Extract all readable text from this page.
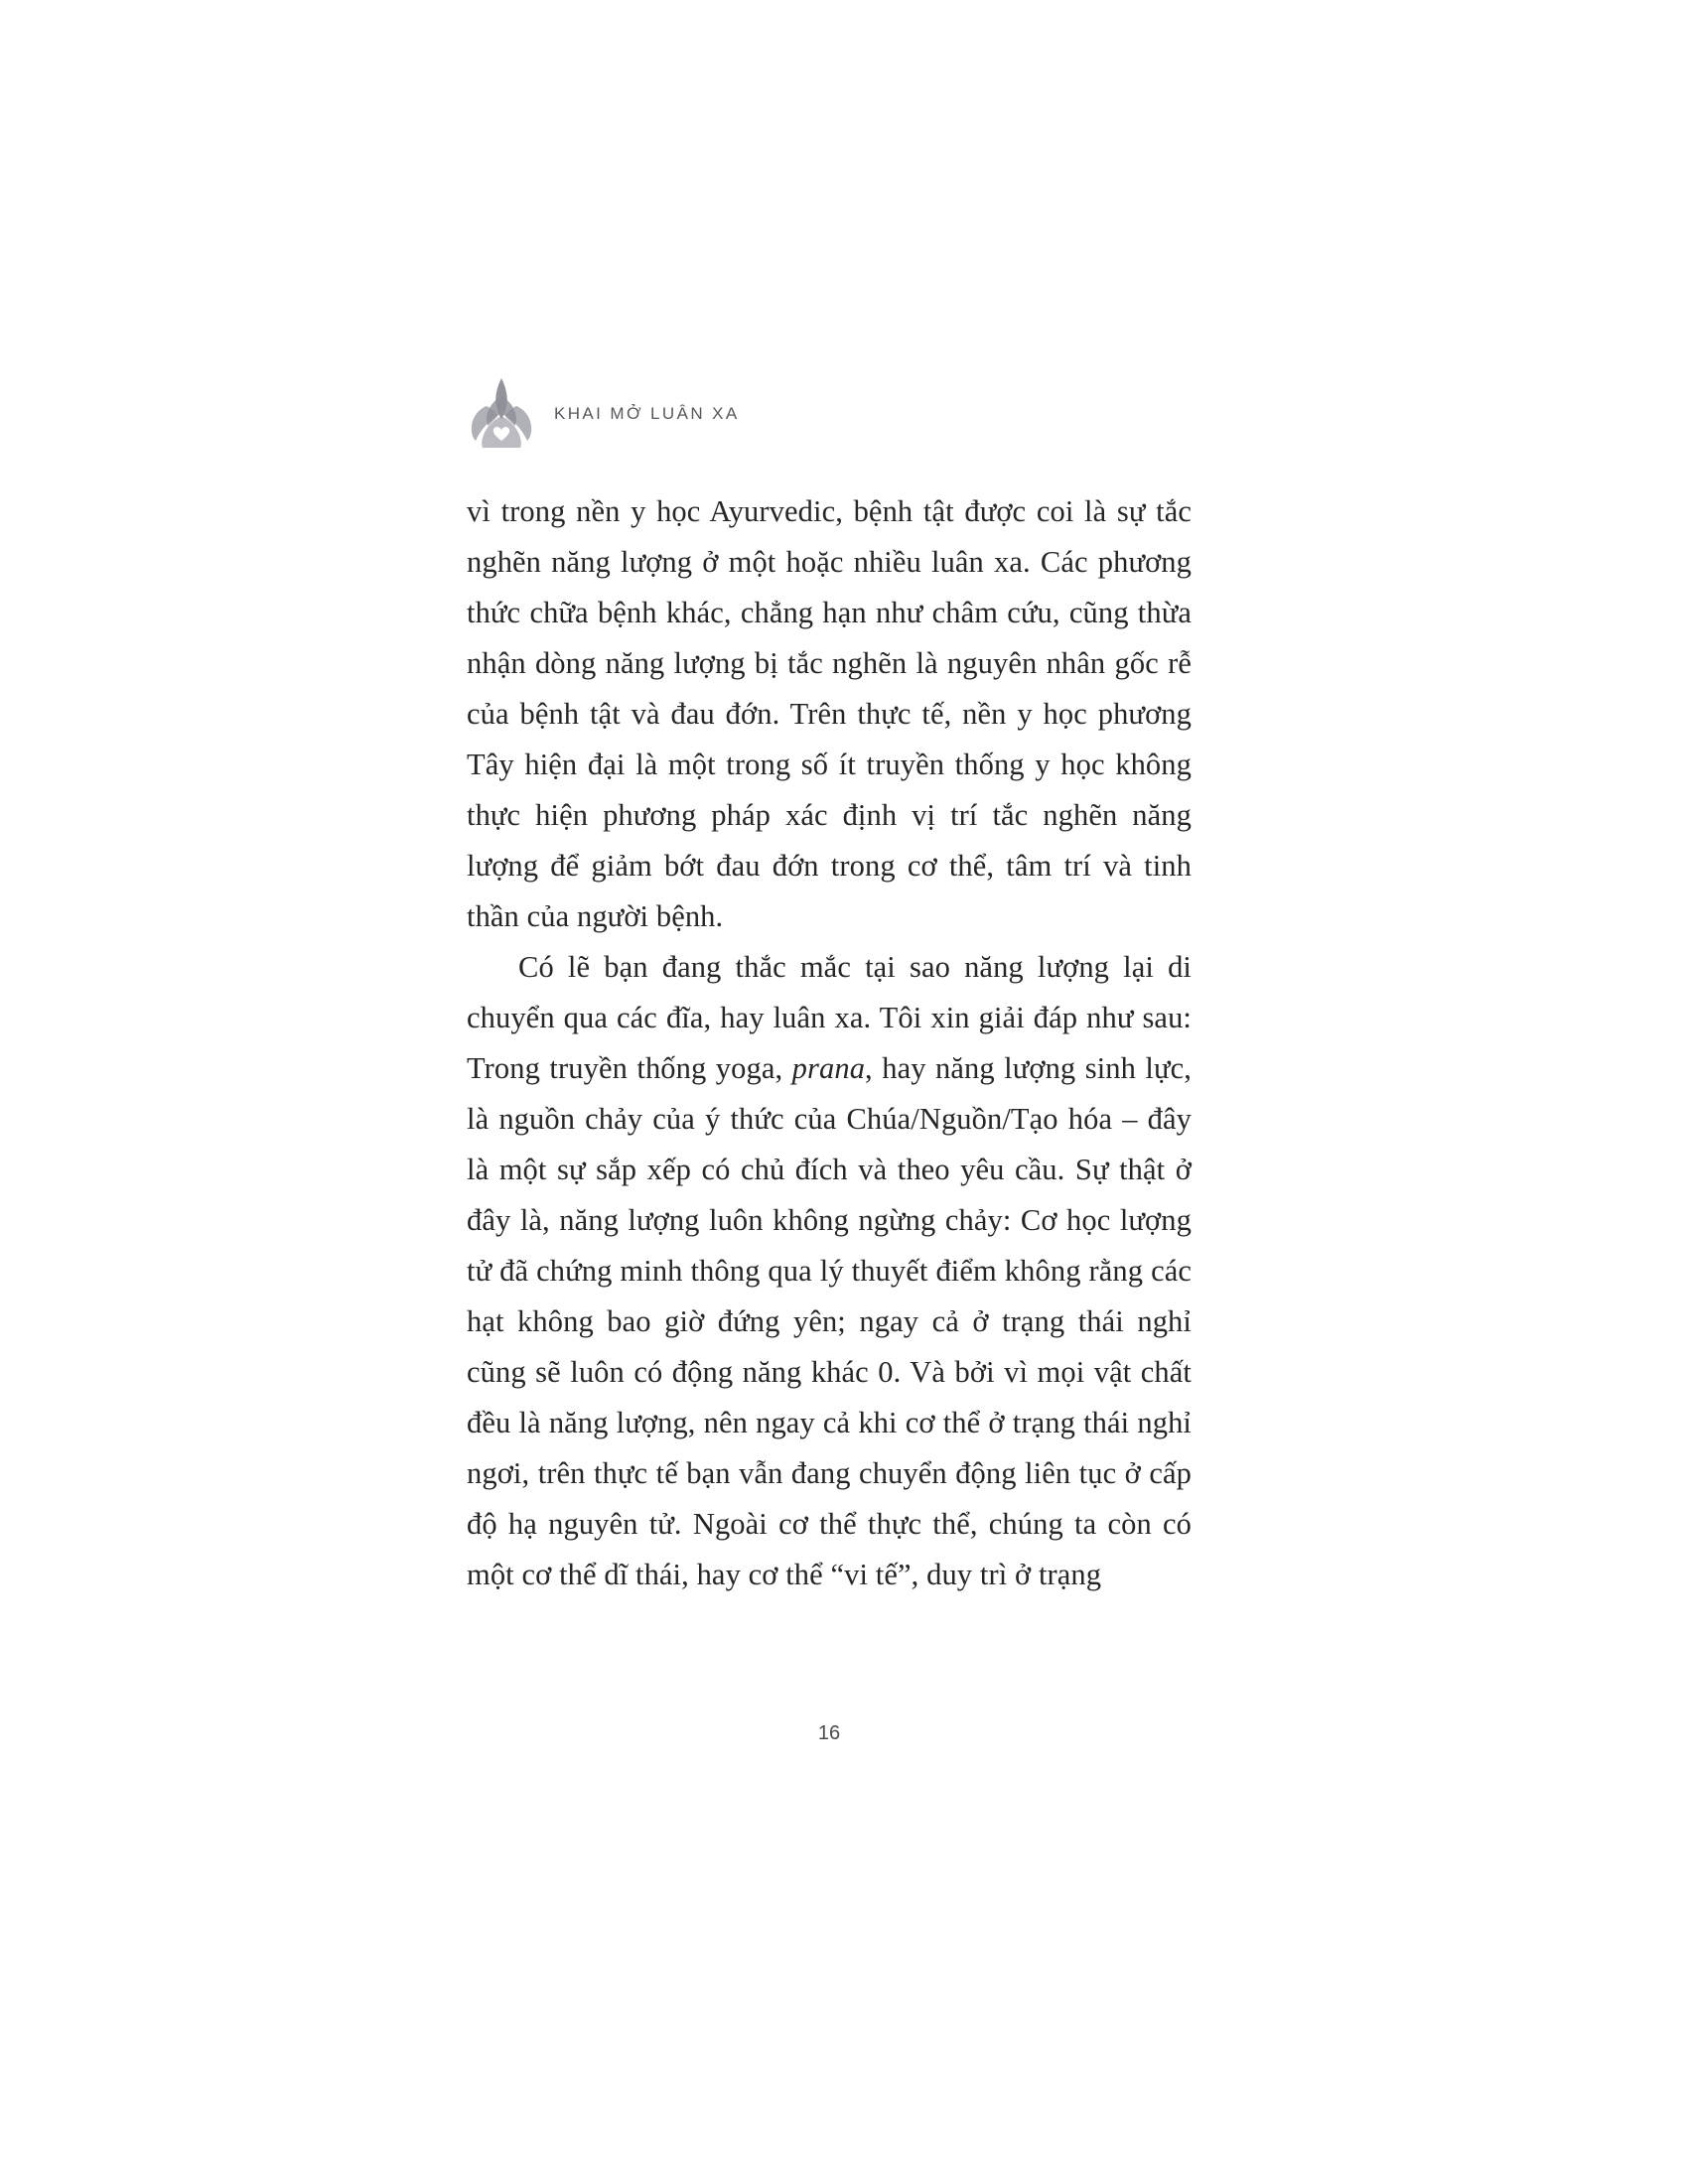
KHAI MỞ LUÂN XA

vì trong nền y học Ayurvedic, bệnh tật được coi là sự tắc nghẽn năng lượng ở một hoặc nhiều luân xa. Các phương thức chữa bệnh khác, chẳng hạn như châm cứu, cũng thừa nhận dòng năng lượng bị tắc nghẽn là nguyên nhân gốc rễ của bệnh tật và đau đớn. Trên thực tế, nền y học phương Tây hiện đại là một trong số ít truyền thống y học không thực hiện phương pháp xác định vị trí tắc nghẽn năng lượng để giảm bớt đau đớn trong cơ thể, tâm trí và tinh thần của người bệnh.

Có lẽ bạn đang thắc mắc tại sao năng lượng lại di chuyển qua các đĩa, hay luân xa. Tôi xin giải đáp như sau: Trong truyền thống yoga, prana, hay năng lượng sinh lực, là nguồn chảy của ý thức của Chúa/Nguồn/Tạo hóa – đây là một sự sắp xếp có chủ đích và theo yêu cầu. Sự thật ở đây là, năng lượng luôn không ngừng chảy: Cơ học lượng tử đã chứng minh thông qua lý thuyết điểm không rằng các hạt không bao giờ đứng yên; ngay cả ở trạng thái nghỉ cũng sẽ luôn có động năng khác 0. Và bởi vì mọi vật chất đều là năng lượng, nên ngay cả khi cơ thể ở trạng thái nghỉ ngơi, trên thực tế bạn vẫn đang chuyển động liên tục ở cấp độ hạ nguyên tử. Ngoài cơ thể thực thể, chúng ta còn có một cơ thể dĩ thái, hay cơ thể “vi tế”, duy trì ở trạng

16
